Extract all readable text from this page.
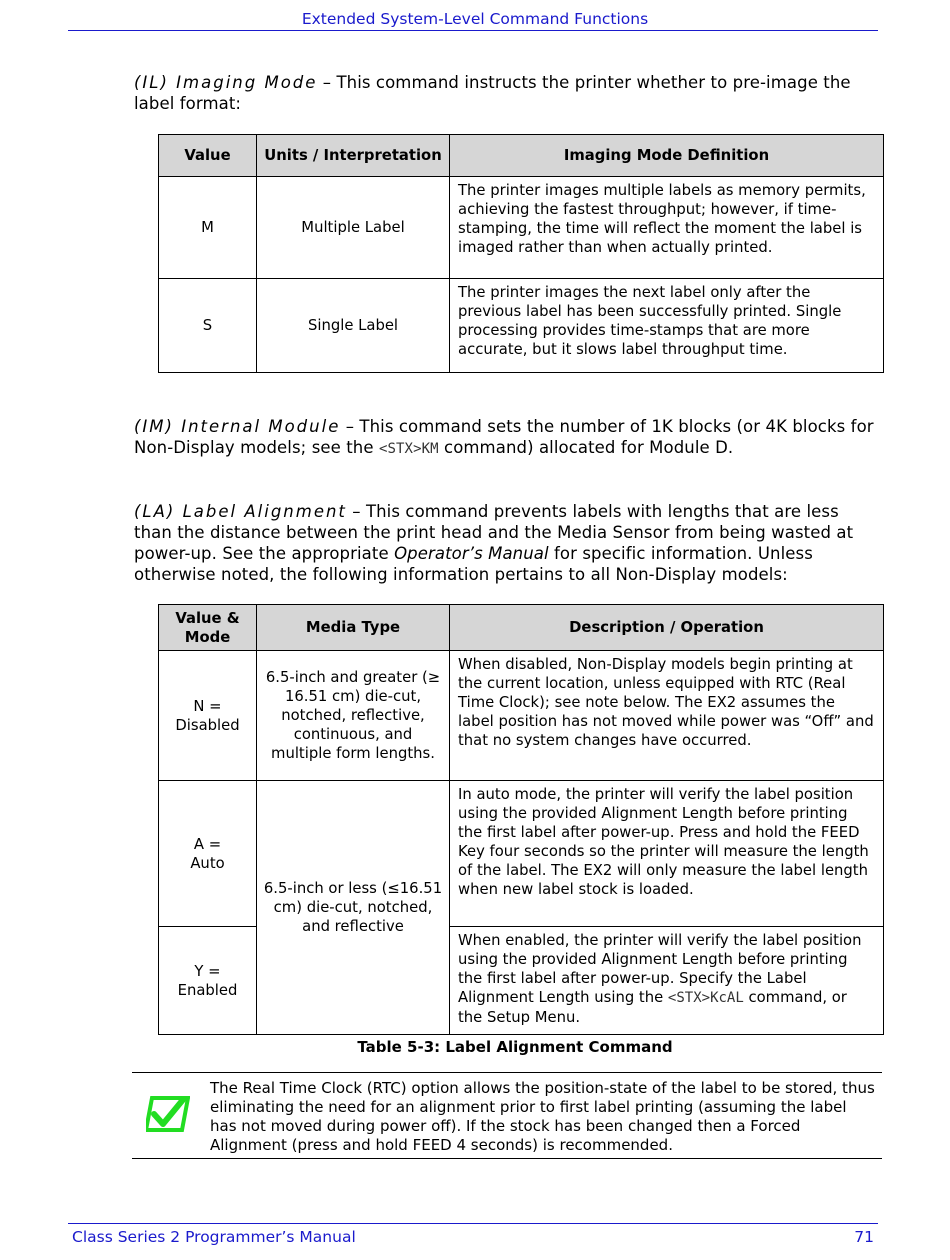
Extended System-Level Command Functions
(IL) Imaging Mode – This command instructs the printer whether to pre-image the label format:
Value	Units / Interpretation	Imaging Mode Definition
M	Multiple Label	The printer images multiple labels as memory permits, achieving the fastest throughput; however, if time-stamping, the time will reflect the moment the label is imaged rather than when actually printed.
S	Single Label	The printer images the next label only after the previous label has been successfully printed. Single processing provides time-stamps that are more accurate, but it slows label throughput time.
(IM) Internal Module – This command sets the number of 1K blocks (or 4K blocks for Non-Display models; see the <STX>KM command) allocated for Module D.
(LA) Label Alignment – This command prevents labels with lengths that are less than the distance between the print head and the Media Sensor from being wasted at power-up. See the appropriate Operator’s Manual for specific information. Unless otherwise noted, the following information pertains to all Non-Display models:
Value & Mode	Media Type	Description / Operation

N =
Disabled	6.5-inch and greater (≥ 16.51 cm) die-cut, notched, reflective, continuous, and multiple form lengths.	When disabled, Non-Display models begin printing at the current location, unless equipped with RTC (Real Time Clock); see note below. The EX2 assumes the label position has not moved while power was “Off” and that no system changes have occurred.

A =
Auto	6.5-inch or less (≤16.51 cm) die-cut, notched, and reflective	In auto mode, the printer will verify the label position using the provided Alignment Length before printing the first label after power-up. Press and hold the FEED Key four seconds so the printer will measure the length of the label. The EX2 will only measure the label length when new label stock is loaded.

Y =
Enabled		When enabled, the printer will verify the label position using the provided Alignment Length before printing the first label after power-up. Specify the Label Alignment Length using the <STX>KcAL command, or the Setup Menu.
Table 5-3: Label Alignment Command
The Real Time Clock (RTC) option allows the position-state of the label to be stored, thus eliminating the need for an alignment prior to first label printing (assuming the label has not moved during power off). If the stock has been changed then a Forced Alignment (press and hold FEED 4 seconds) is recommended.
Class Series 2 Programmer’s Manual	71
